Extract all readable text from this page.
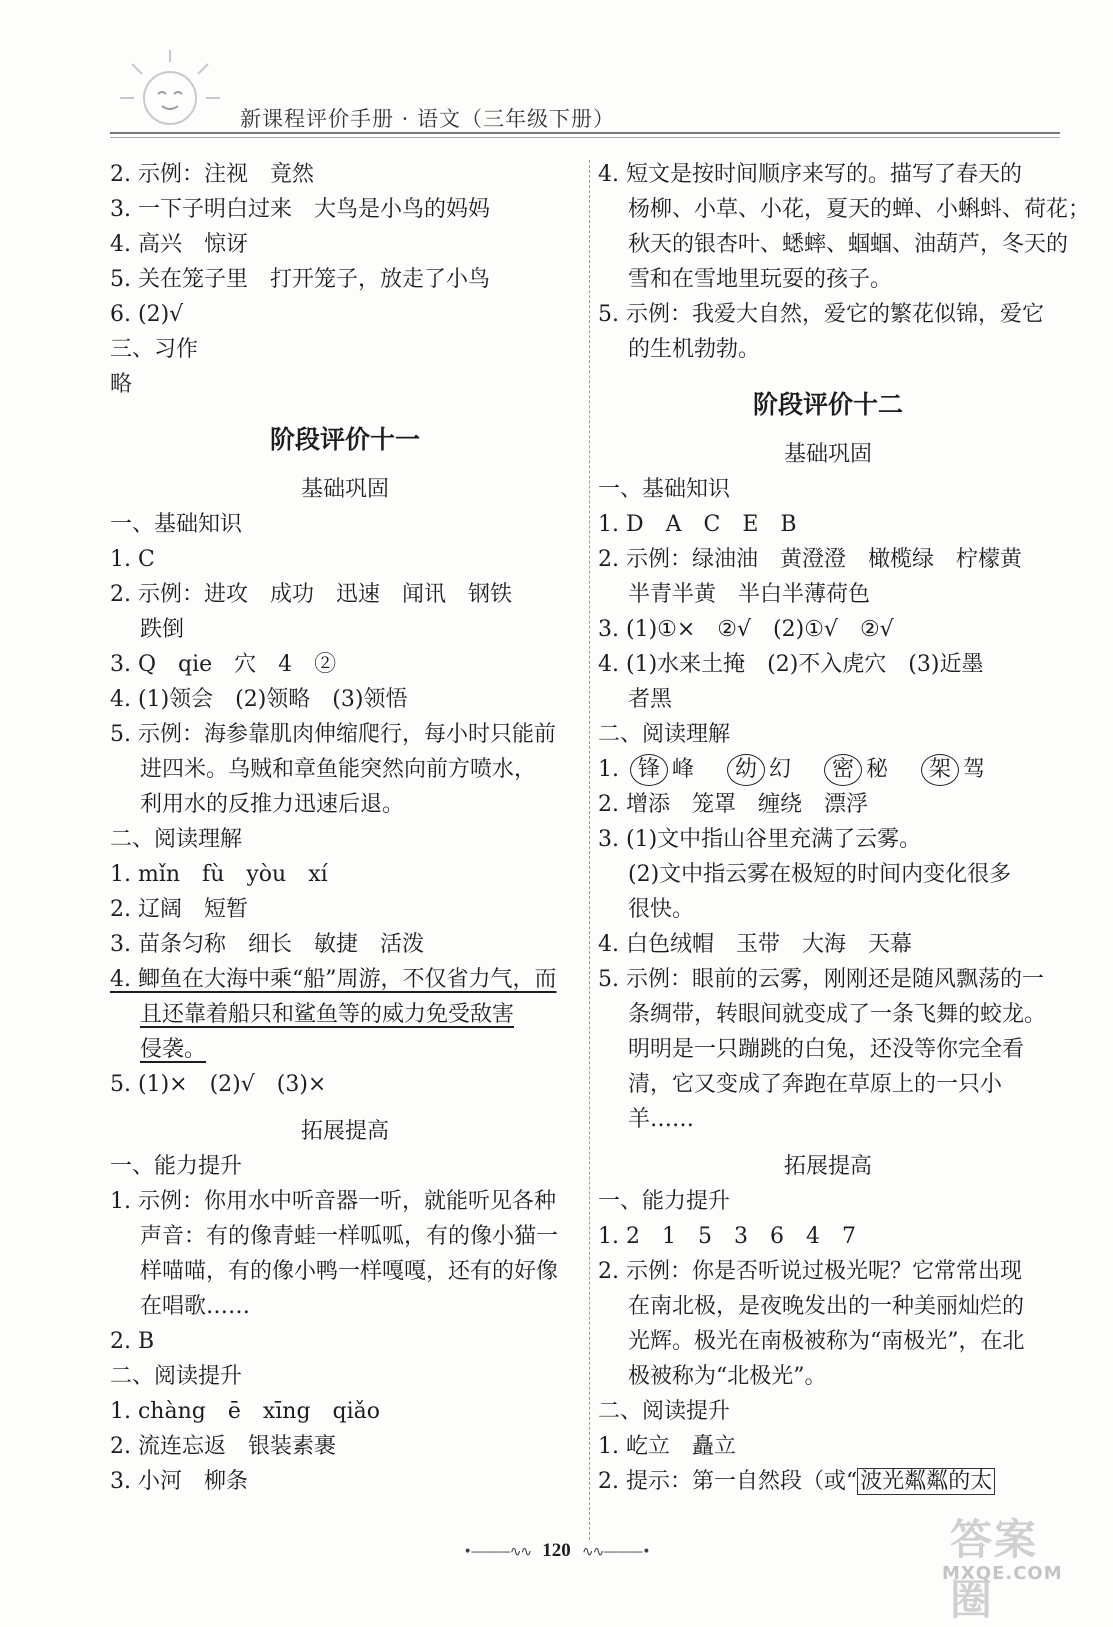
新课程评价手册 · 语文（三年级下册）
2. 示例：注视　竟然
3. 一下子明白过来　大鸟是小鸟的妈妈
4. 高兴　惊讶
5. 关在笼子里　打开笼子，放走了小鸟
6. (2)√
三、习作
略
阶段评价十一
基础巩固
一、基础知识
1. C
2. 示例：进攻　成功　迅速　闻讯　钢铁
跌倒
3. Q　qie　穴　4　②
4. (1)领会　(2)领略　(3)领悟
5. 示例：海参靠肌肉伸缩爬行，每小时只能前
进四米。乌贼和章鱼能突然向前方喷水，
利用水的反推力迅速后退。
二、阅读理解
1. mǐn　fù　yòu　xí
2. 辽阔　短暂
3. 苗条匀称　细长　敏捷　活泼
4. 鲫鱼在大海中乘“船”周游，不仅省力气，而
且还靠着船只和鲨鱼等的威力免受敌害
侵袭。
5. (1)×　(2)√　(3)×
拓展提高
一、能力提升
1. 示例：你用水中听音器一听，就能听见各种
声音：有的像青蛙一样呱呱，有的像小猫一
样喵喵，有的像小鸭一样嘎嘎，还有的好像
在唱歌……
2. B
二、阅读提升
1. chàng　ē　xīng　qiǎo
2. 流连忘返　银装素裹
3. 小河　柳条
4. 短文是按时间顺序来写的。描写了春天的
杨柳、小草、小花，夏天的蝉、小蝌蚪、荷花；
秋天的银杏叶、蟋蟀、蝈蝈、油葫芦，冬天的
雪和在雪地里玩耍的孩子。
5. 示例：我爱大自然，爱它的繁花似锦，爱它
的生机勃勃。
阶段评价十二
基础巩固
一、基础知识
1. D　A　C　E　B
2. 示例：绿油油　黄澄澄　橄榄绿　柠檬黄
半青半黄　半白半薄荷色
3. (1)①×　②√　(2)①√　②√
4. (1)水来土掩　(2)不入虎穴　(3)近墨
者黑
二、阅读理解
1. 锋 峰　 幼 幻　 密 秘　 架 驾
2. 增添　笼罩　缠绕　漂浮
3. (1)文中指山谷里充满了云雾。
(2)文中指云雾在极短的时间内变化很多
很快。
4. 白色绒帽　玉带　大海　天幕
5. 示例：眼前的云雾，刚刚还是随风飘荡的一
条绸带，转眼间就变成了一条飞舞的蛟龙。
明明是一只蹦跳的白兔，还没等你完全看
清，它又变成了奔跑在草原上的一只小
羊……
拓展提高
一、能力提升
1. 2　1　5　3　6　4　7
2. 示例：你是否听说过极光呢？它常常出现
在南北极，是夜晚发出的一种美丽灿烂的
光辉。极光在南极被称为“南极光”，在北
极被称为“北极光”。
二、阅读提升
1. 屹立　矗立
2. 提示：第一自然段（或“ 波光粼粼的太
•———∿∿ 120 ∿∿———•	答案圈
MXQE.COM
